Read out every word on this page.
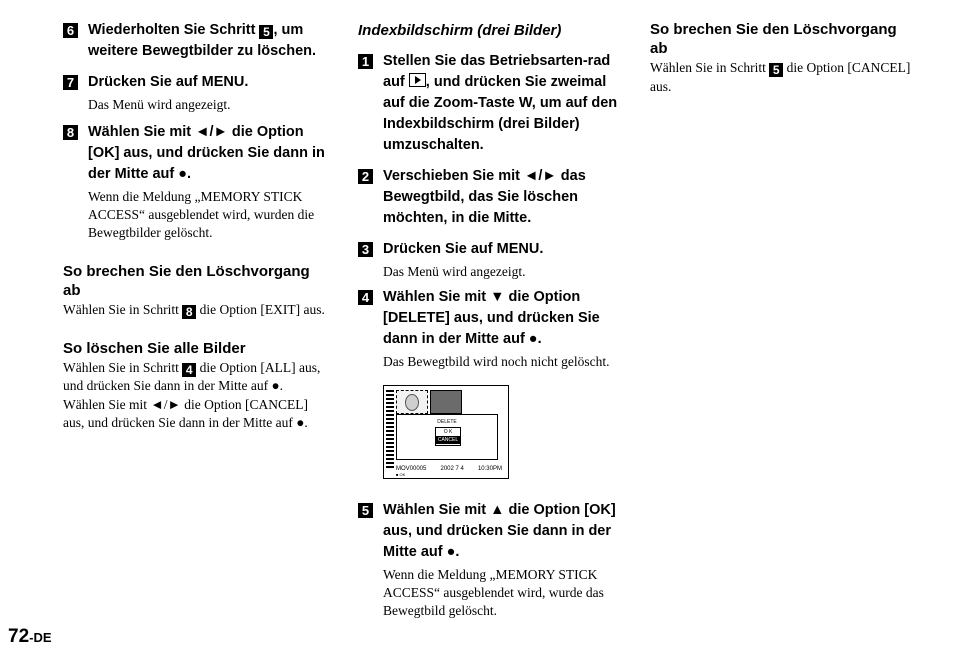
6 Wiederholten Sie Schritt 5 , um weitere Bewegtbilder zu löschen.
7 Drücken Sie auf MENU.
Das Menü wird angezeigt.
8 Wählen Sie mit ◄/► die Option [OK] aus, und drücken Sie dann in der Mitte auf ●.
Wenn die Meldung „MEMORY STICK ACCESS“ ausgeblendet wird, wurden die Bewegtbilder gelöscht.
So brechen Sie den Löschvorgang ab
Wählen Sie in Schritt 8 die Option [EXIT] aus.
So löschen Sie alle Bilder
Wählen Sie in Schritt 4 die Option [ALL] aus, und drücken Sie dann in der Mitte auf ●. Wählen Sie mit ◄/► die Option [CANCEL] aus, und drücken Sie dann in der Mitte auf ●.
Indexbildschirm (drei Bilder)
1 Stellen Sie das Betriebsarten-rad auf , und drücken Sie zweimal auf die Zoom-Taste W, um auf den Indexbildschirm (drei Bilder) umzuschalten.
2 Verschieben Sie mit ◄/► das Bewegtbild, das Sie löschen möchten, in die Mitte.
3 Drücken Sie auf MENU.
Das Menü wird angezeigt.
4 Wählen Sie mit ▼ die Option [DELETE] aus, und drücken Sie dann in der Mitte auf ●.
Das Bewegtbild wird noch nicht gelöscht.
DELETE
O K
CANCEL
MOV00005 2002 7 4 10:30PM
■ OK
5 Wählen Sie mit ▲ die Option [OK] aus, und drücken Sie dann in der Mitte auf ●.
Wenn die Meldung „MEMORY STICK ACCESS“ ausgeblendet wird, wurde das Bewegtbild gelöscht.
So brechen Sie den Löschvorgang ab
Wählen Sie in Schritt 5 die Option [CANCEL] aus.
72-DE
